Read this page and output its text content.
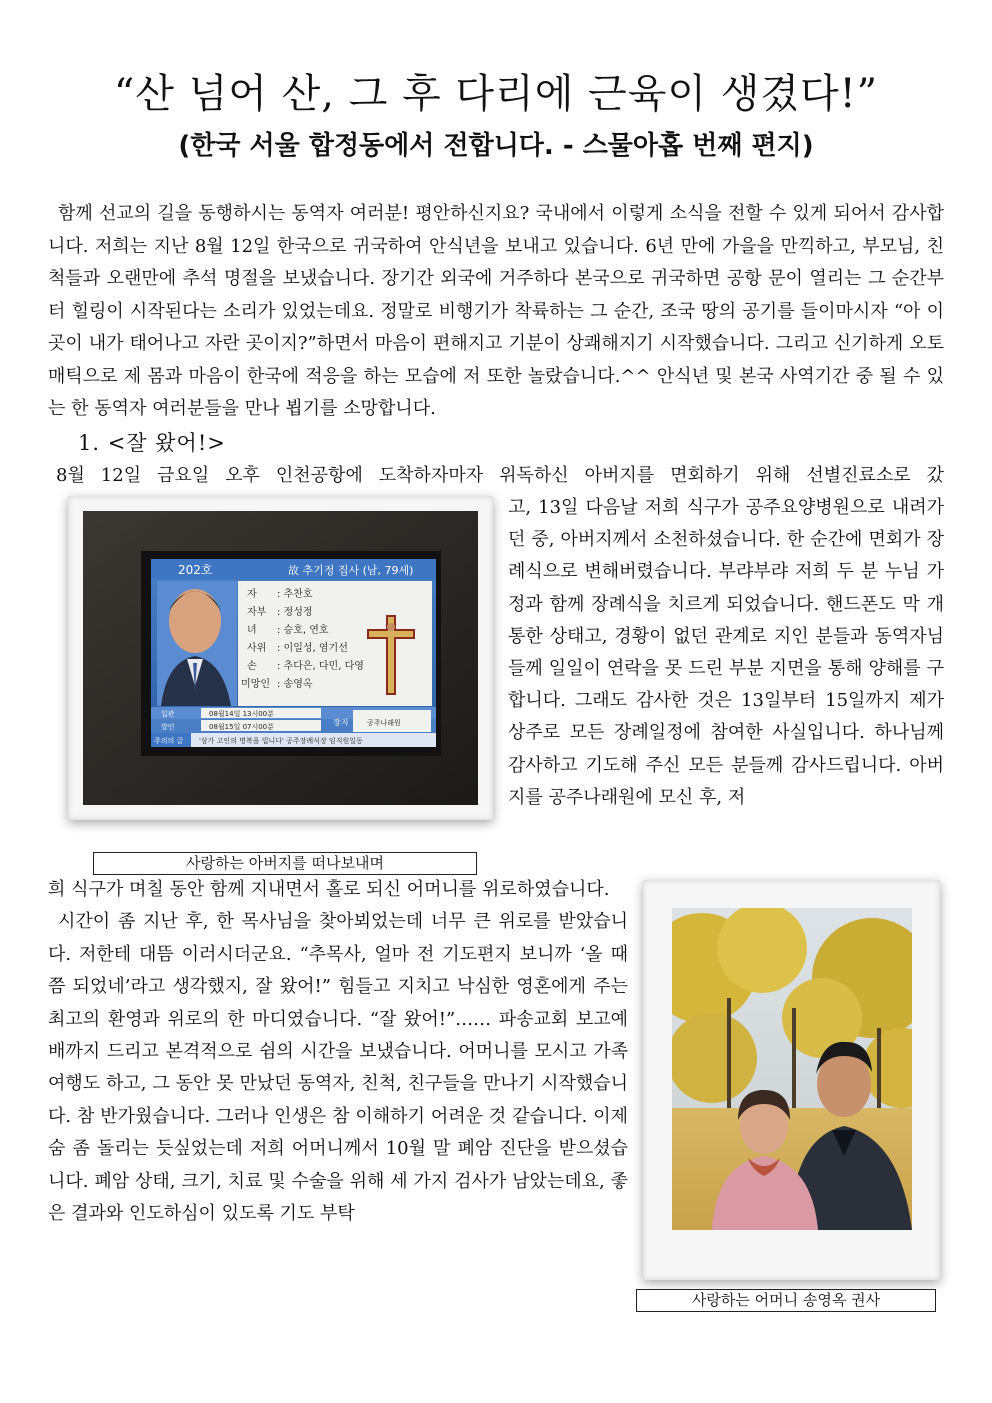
“산 넘어 산, 그 후 다리에 근육이 생겼다!”
(한국 서울 합정동에서 전합니다. - 스물아홉 번째 편지)

함께 선교의 길을 동행하시는 동역자 여러분! 평안하신지요? 국내에서 이렇게 소식을 전할 수 있게 되어서 감사합니다. 저희는 지난 8월 12일 한국으로 귀국하여 안식년을 보내고 있습니다. 6년 만에 가을을 만끽하고, 부모님, 친척들과 오랜만에 추석 명절을 보냈습니다. 장기간 외국에 거주하다 본국으로 귀국하면 공항 문이 열리는 그 순간부터 힐링이 시작된다는 소리가 있었는데요. 정말로 비행기가 착륙하는 그 순간, 조국 땅의 공기를 들이마시자 “아 이 곳이 내가 태어나고 자란 곳이지?”하면서 마음이 편해지고 기분이 상쾌해지기 시작했습니다. 그리고 신기하게 오토매틱으로 제 몸과 마음이 한국에 적응을 하는 모습에 저 또한 놀랐습니다.^^ 안식년 및 본국 사역기간 중 될 수 있는 한 동역자 여러분들을 만나 뵙기를 소망합니다.

1. <잘 왔어!>
8월 12일 금요일 오후 인천공항에 도착하자마자 위독하신 아버지를 면회하기 위해 선별진료소로 갔
202호	故 추기정 집사 (남, 79세)
자 : 추찬호
자부 : 정성정
녀 : 승호, 연호
사위 : 이일성, 염기선
손 : 추다은, 다민, 다영
미망인 : 송영옥
입관	08월14일 13시00분
발인	08월15일 07시00분	장지	공주나래원
주의의 글 '삼가 고인의 명복을 빕니다' 공주장례식장 임직원일동
사랑하는 아버지를 떠나보내며

고, 13일 다음날 저희 식구가 공주요양병원으로 내려가던 중, 아버지께서 소천하셨습니다. 한 순간에 면회가 장례식으로 변해버렸습니다. 부랴부랴 저희 두 분 누님 가정과 함께 장례식을 치르게 되었습니다. 핸드폰도 막 개통한 상태고, 경황이 없던 관계로 지인 분들과 동역자님들께 일일이 연락을 못 드린 부분 지면을 통해 양해를 구합니다. 그래도 감사한 것은 13일부터 15일까지 제가 상주로 모든 장례일정에 참여한 사실입니다. 하나님께 감사하고 기도해 주신 모든 분들께 감사드립니다. 아버지를 공주나래원에 모신 후, 저

희 식구가 며칠 동안 함께 지내면서 홀로 되신 어머니를 위로하였습니다.

시간이 좀 지난 후, 한 목사님을 찾아뵈었는데 너무 큰 위로를 받았습니다. 저한테 대뜸 이러시더군요. “추목사, 얼마 전 기도편지 보니까 ‘올 때 쯤 되었네’라고 생각했지, 잘 왔어!” 힘들고 지치고 낙심한 영혼에게 주는 최고의 환영과 위로의 한 마디였습니다. “잘 왔어!”…… 파송교회 보고예배까지 드리고 본격적으로 쉼의 시간을 보냈습니다. 어머니를 모시고 가족여행도 하고, 그 동안 못 만났던 동역자, 친척, 친구들을 만나기 시작했습니다. 참 반가웠습니다. 그러나 인생은 참 이해하기 어려운 것 같습니다. 이제 숨 좀 돌리는 듯싶었는데 저희 어머니께서 10월 말 폐암 진단을 받으셨습니다. 폐암 상태, 크기, 치료 및 수술을 위해 세 가지 검사가 남았는데요, 좋은 결과와 인도하심이 있도록 기도 부탁

사랑하는 어머니 송영옥 권사
